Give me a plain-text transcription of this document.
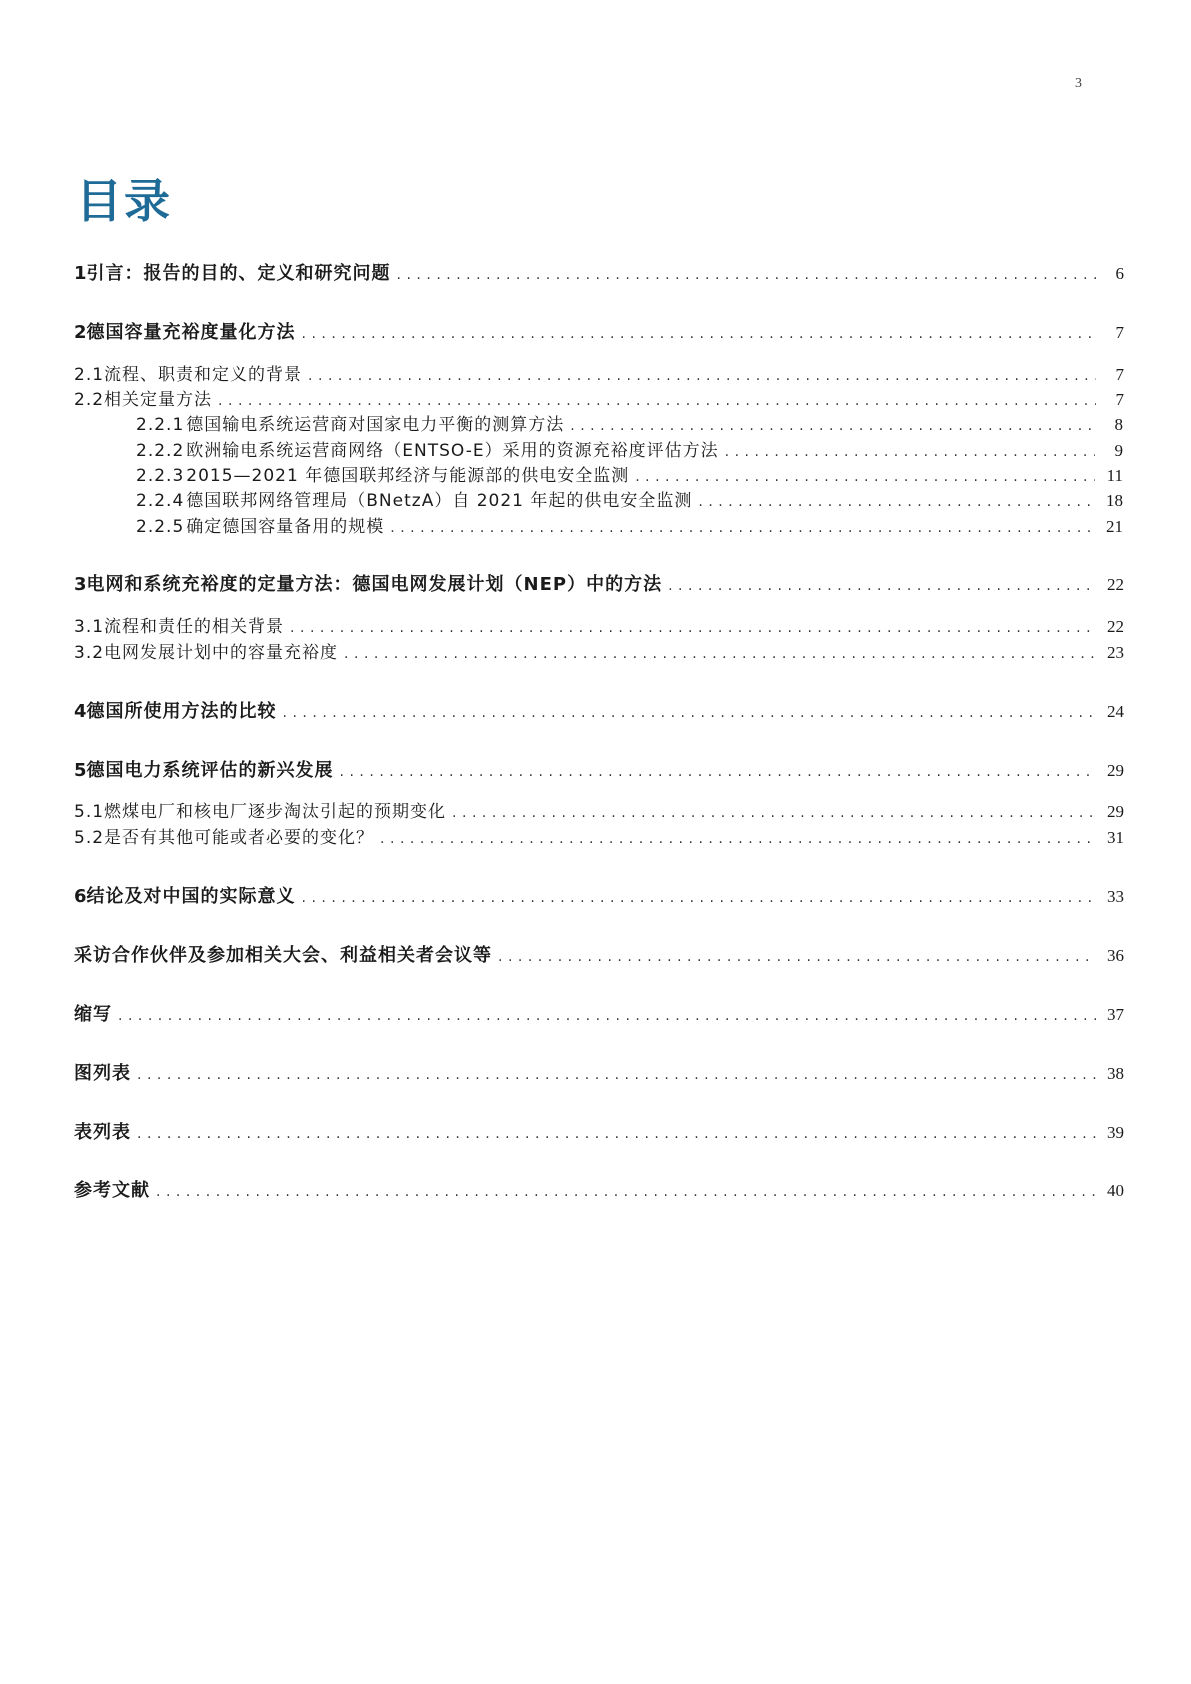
3
目录
1 引言：报告的目的、定义和研究问题 .....	6
2 德国容量充裕度量化方法 .....	7
2.1 流程、职责和定义的背景 .....	7
2.2 相关定量方法 .....	7
2.2.1 德国输电系统运营商对国家电力平衡的测算方法 .....	8
2.2.2 欧洲输电系统运营商网络（ENTSO-E）采用的资源充裕度评估方法 .....	9
2.2.3 2015—2021 年德国联邦经济与能源部的供电安全监测 .....	11
2.2.4 德国联邦网络管理局（BNetzA）自 2021 年起的供电安全监测 .....	18
2.2.5 确定德国容量备用的规模 .....	21
3 电网和系统充裕度的定量方法：德国电网发展计划（NEP）中的方法 .....	22
3.1 流程和责任的相关背景 .....	22
3.2 电网发展计划中的容量充裕度 .....	23
4 德国所使用方法的比较 .....	24
5 德国电力系统评估的新兴发展 .....	29
5.1 燃煤电厂和核电厂逐步淘汰引起的预期变化 .....	29
5.2 是否有其他可能或者必要的变化？ .....	31
6 结论及对中国的实际意义 .....	33
采访合作伙伴及参加相关大会、利益相关者会议等 .....	36
缩写 .....	37
图列表 .....	38
表列表 .....	39
参考文献 .....	40
